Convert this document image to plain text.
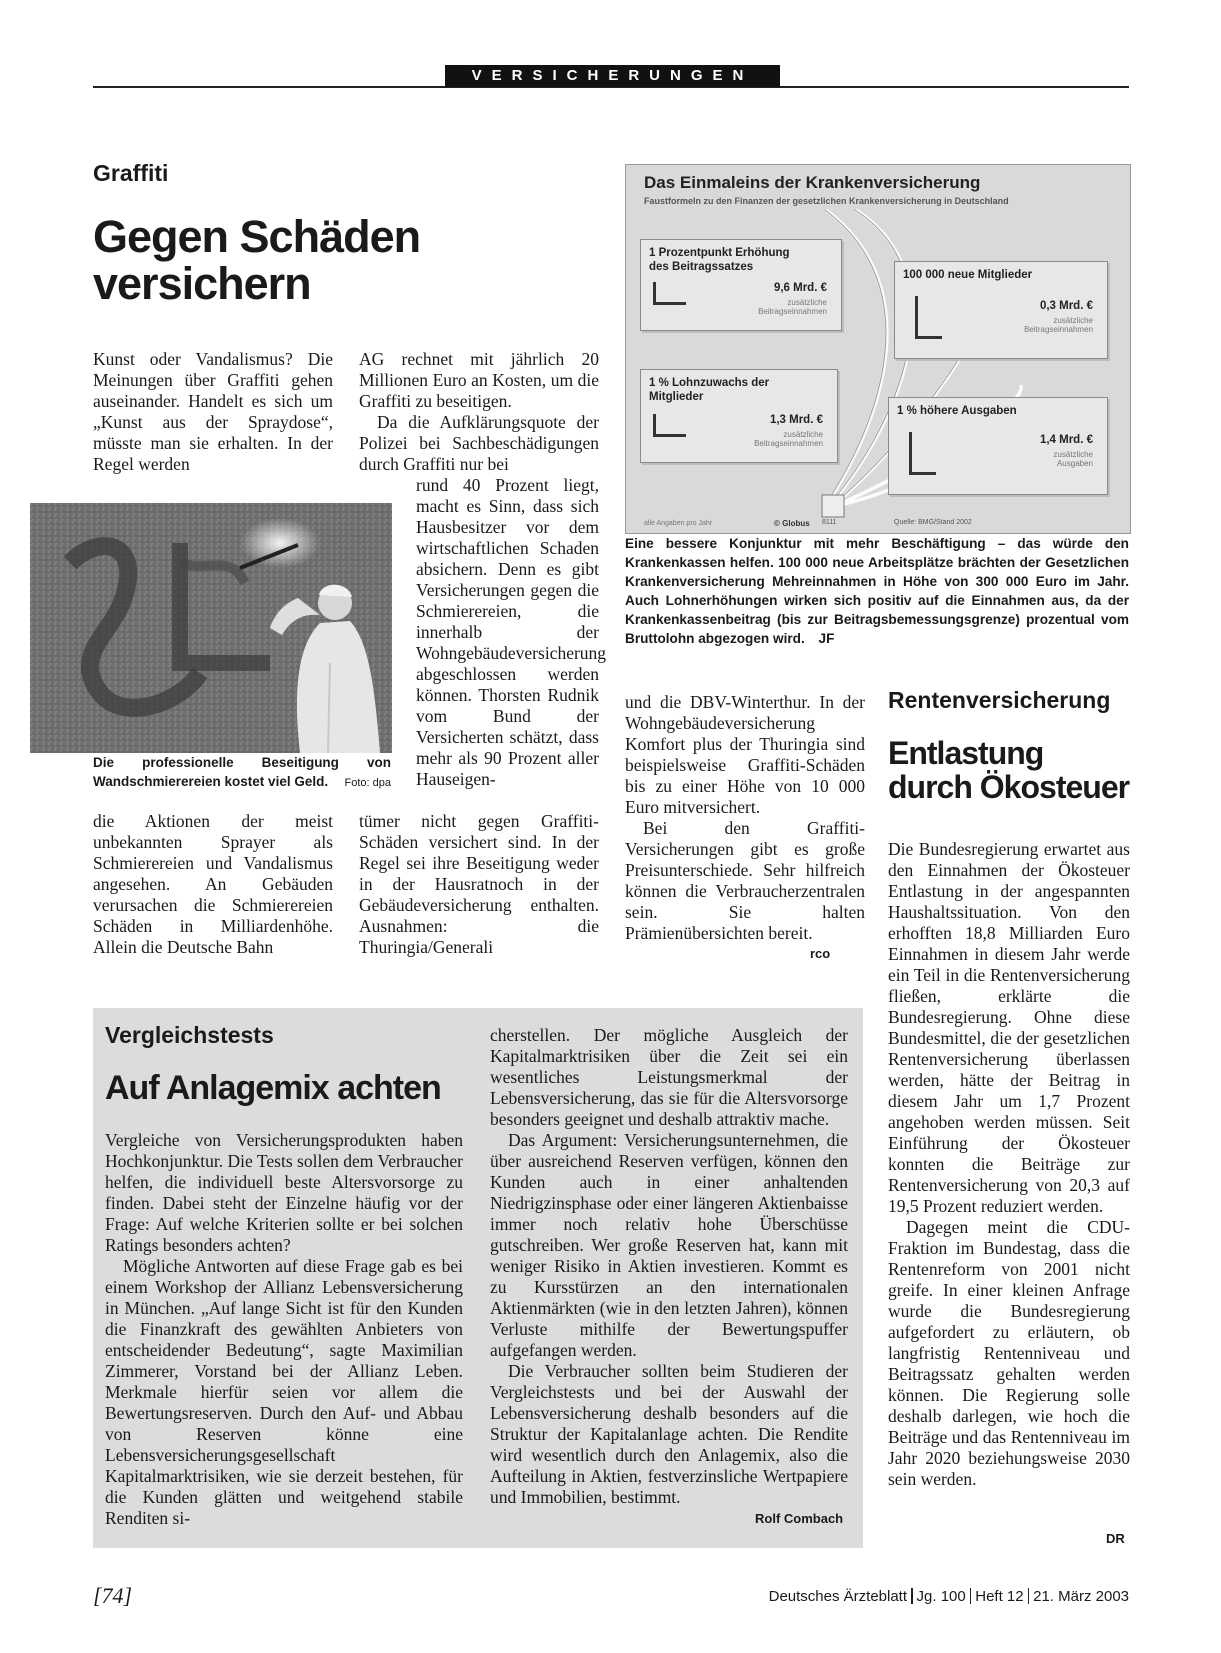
VERSICHERUNGEN
Graffiti
Gegen Schäden versichern

Kunst oder Vandalismus? Die Meinungen über Graffiti gehen auseinander. Handelt es sich um „Kunst aus der Spraydose“, müsste man sie erhalten. In der Regel werden

Die professionelle Beseitigung von Wandschmierereien kostet viel Geld. Foto: dpa

die Aktionen der meist unbekannten Sprayer als Schmierereien und Vandalismus angesehen. An Gebäuden verursachen die Schmierereien Schäden in Milliardenhöhe. Allein die Deutsche Bahn

AG rechnet mit jährlich 20 Millionen Euro an Kosten, um die Graffiti zu beseitigen.

Da die Aufklärungsquote der Polizei bei Sachbeschädigungen durch Graffiti nur bei

rund 40 Prozent liegt, macht es Sinn, dass sich Hausbesitzer vor dem wirtschaftlichen Schaden absichern. Denn es gibt Versicherungen gegen die Schmierereien, die innerhalb der Wohngebäudeversicherung abgeschlossen werden können. Thorsten Rudnik vom Bund der Versicherten schätzt, dass mehr als 90 Prozent aller Hauseigen-

tümer nicht gegen Graffiti-Schäden versichert sind. In der Regel sei ihre Beseitigung weder in der Hausratnoch in der Gebäudeversicherung enthalten. Ausnahmen: die Thuringia/Generali

und die DBV-Winterthur. In der Wohngebäudeversicherung Komfort plus der Thuringia sind beispielsweise Graffiti-Schäden bis zu einer Höhe von 10 000 Euro mitversichert.

Bei den Graffiti-Versicherungen gibt es große Preisunterschiede. Sehr hilfreich können die Verbraucherzentralen sein. Sie halten Prämienübersichten bereit.

rco
Das Einmaleins der Krankenversicherung
Faustformeln zu den Finanzen der gesetzlichen Krankenversicherung in Deutschland
1 Prozentpunkt Erhöhung des Beitragssatzes
9,6 Mrd. €
zusätzliche Beitragseinnahmen
100 000 neue Mitglieder
0,3 Mrd. €
zusätzliche Beitragseinnahmen
1 % Lohnzuwachs der Mitglieder
1,3 Mrd. €
zusätzliche Beitragseinnahmen
1 % höhere Ausgaben
1,4 Mrd. €
zusätzliche Ausgaben
alle Angaben pro Jahr	© Globus 8111	Quelle: BMG/Stand 2002
Eine bessere Konjunktur mit mehr Beschäftigung – das würde den Krankenkassen helfen. 100 000 neue Arbeitsplätze brächten der Gesetzlichen Krankenversicherung Mehreinnahmen in Höhe von 300 000 Euro im Jahr. Auch Lohnerhöhungen wirken sich positiv auf die Einnahmen aus, da der Krankenkassenbeitrag (bis zur Beitragsbemessungsgrenze) prozentual vom Bruttolohn abgezogen wird. JF
Rentenversicherung
Entlastung durch Ökosteuer

Die Bundesregierung erwartet aus den Einnahmen der Ökosteuer Entlastung in der angespannten Haushaltssituation. Von den erhofften 18,8 Milliarden Euro Einnahmen in diesem Jahr werde ein Teil in die Rentenversicherung fließen, erklärte die Bundesregierung. Ohne diese Bundesmittel, die der gesetzlichen Rentenversicherung überlassen werden, hätte der Beitrag in diesem Jahr um 1,7 Prozent angehoben werden müssen. Seit Einführung der Ökosteuer konnten die Beiträge zur Rentenversicherung von 20,3 auf 19,5 Prozent reduziert werden.

Dagegen meint die CDU-Fraktion im Bundestag, dass die Rentenreform von 2001 nicht greife. In einer kleinen Anfrage wurde die Bundesregierung aufgefordert zu erläutern, ob langfristig Rentenniveau und Beitragssatz gehalten werden können. Die Regierung solle deshalb darlegen, wie hoch die Beiträge und das Rentenniveau im Jahr 2020 beziehungsweise 2030 sein werden.

DR
Vergleichstests
Auf Anlagemix achten

Vergleiche von Versicherungsprodukten haben Hochkonjunktur. Die Tests sollen dem Verbraucher helfen, die individuell beste Altersvorsorge zu finden. Dabei steht der Einzelne häufig vor der Frage: Auf welche Kriterien sollte er bei solchen Ratings besonders achten?

Mögliche Antworten auf diese Frage gab es bei einem Workshop der Allianz Lebensversicherung in München. „Auf lange Sicht ist für den Kunden die Finanzkraft des gewählten Anbieters von entscheidender Bedeutung“, sagte Maximilian Zimmerer, Vorstand bei der Allianz Leben. Merkmale hierfür seien vor allem die Bewertungsreserven. Durch den Auf- und Abbau von Reserven könne eine Lebensversicherungsgesellschaft Kapitalmarktrisiken, wie sie derzeit bestehen, für die Kunden glätten und weitgehend stabile Renditen si-

cherstellen. Der mögliche Ausgleich der Kapitalmarktrisiken über die Zeit sei ein wesentliches Leistungsmerkmal der Lebensversicherung, das sie für die Altersvorsorge besonders geeignet und deshalb attraktiv mache.

Das Argument: Versicherungsunternehmen, die über ausreichend Reserven verfügen, können den Kunden auch in einer anhaltenden Niedrigzinsphase oder einer längeren Aktienbaisse immer noch relativ hohe Überschüsse gutschreiben. Wer große Reserven hat, kann mit weniger Risiko in Aktien investieren. Kommt es zu Kursstürzen an den internationalen Aktienmärkten (wie in den letzten Jahren), können Verluste mithilfe der Bewertungspuffer aufgefangen werden.

Die Verbraucher sollten beim Studieren der Vergleichstests und bei der Auswahl der Lebensversicherung deshalb besonders auf die Struktur der Kapitalanlage achten. Die Rendite wird wesentlich durch den Anlagemix, also die Aufteilung in Aktien, festverzinsliche Wertpapiere und Immobilien, bestimmt.

Rolf Combach
[74]	Deutsches Ärzteblatt Jg. 100 Heft 12 21. März 2003
